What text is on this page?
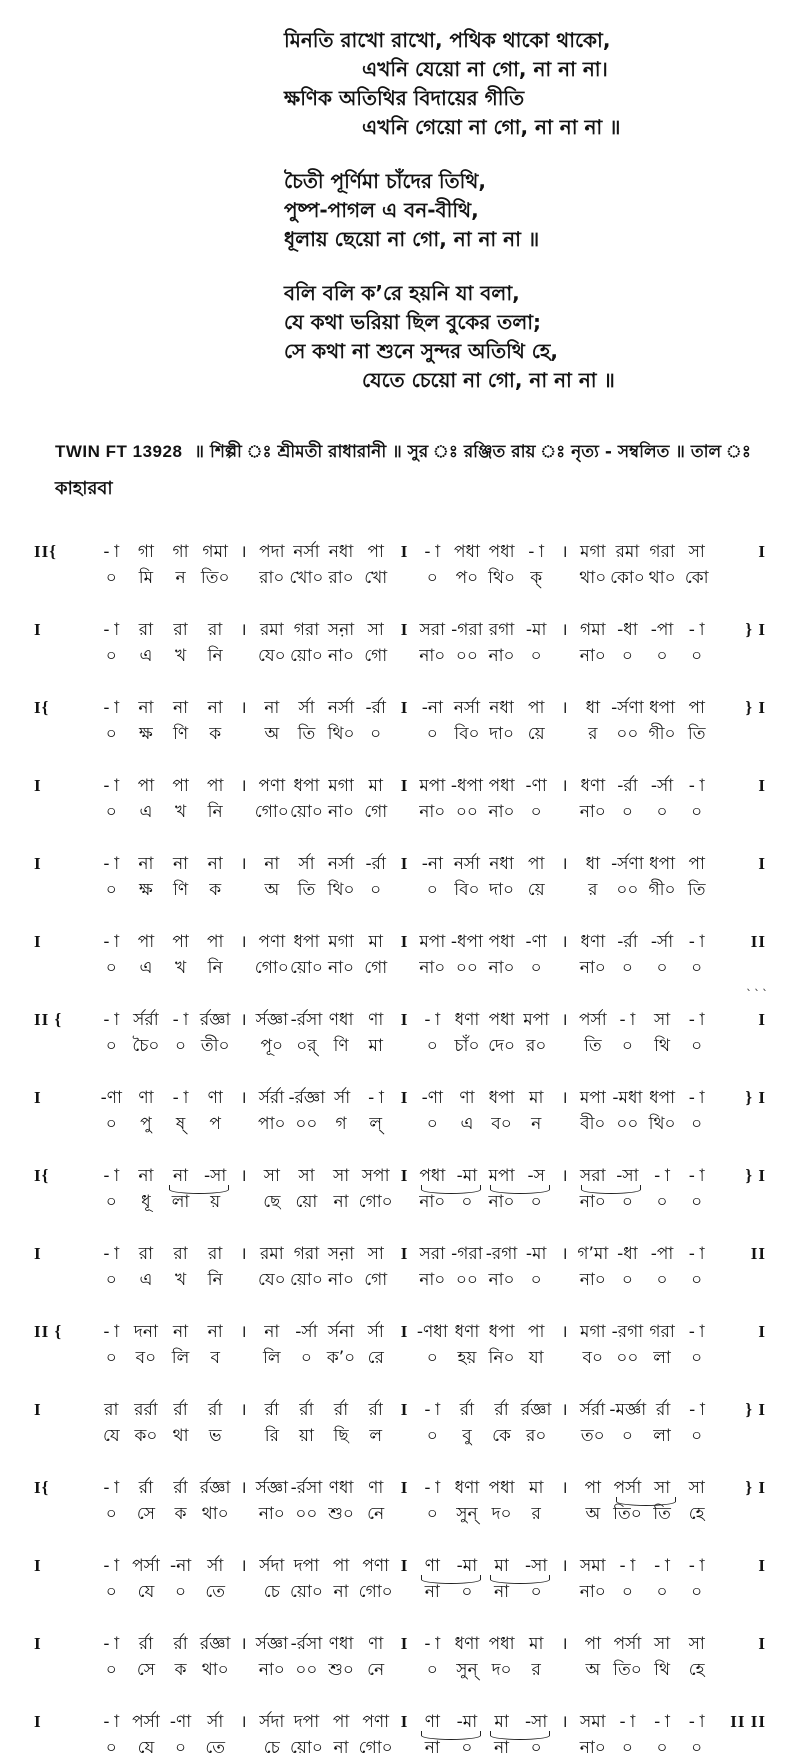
মিনতি রাখো রাখো, পথিক থাকো থাকো,
এখনি যেয়ো না গো, না না না।
ক্ষণিক অতিথির বিদায়ের গীতি
এখনি গেয়ো না গো, না না না ॥
চৈতী পূর্ণিমা চাঁদের তিথি,
পুষ্প-পাগল এ বন-বীথি,
ধূলায় ছেয়ো না গো, না না না ॥
বলি বলি ক’রে হয়নি যা বলা,
যে কথা ভরিয়া ছিল বুকের তলা;
সে কথা না শুনে সুন্দর অতিথি হে,
যেতে চেয়ো না গো, না না না ॥
TWIN FT 13928 ॥ শিল্পী ঃ শ্রীমতী রাধারানী ॥ সুর ঃ রঞ্জিত রায় ঃ নৃত্য - সম্বলিত ॥ তাল ঃ
কাহারবা
II{	- া	গা	গা গমা । পদা নর্সা নধা পা I	- া পধা পধা - া	। মগা রমা গরা সা	I
০	মি	ন তি০ রা০ খো০ রা০ খো	০	প০ থি০ ক্	থা০ কো০ থা০ কো
I	- া	রা	রা	রা	। রমা গরা সন়া সা I সরা -গরা রগা -মা । গমা -ধা -পা - া	} I
০	এ	খ	নি	যে০ য়ো০ না০ গো	না০ ০০ না০ ০	না০ ০	০	০
I{	- া	না	না	না	।	না	র্সা নর্সা -র্রা I -না নর্সা নধা পা ।	ধা -র্সণা ধপা পা	} I
০	ক্ষ	ণি	ক	অ	তি থি০ ০	০ বি০ দা০ য়ে	র	০০ গী০ তি
I	- া	পা	পা	পা । পণা ধপা মগা মা	I মপা -ধপা পধা -ণা । ধণা -র্রা -র্সা - া	I
০	এ	খ	নি	গো০ য়ো০ না০ গো	না০ ০০ না০ ০	না০ ০	০	০
I	- া	না	না	না	।	না	র্সা নর্সা -র্রা I -না নর্সা নধা পা ।	ধা -র্সণা ধপা পা	I
০	ক্ষ	ণি	ক	অ	তি থি০ ০	০ বি০ দা০ য়ে	র	০০ গী০ তি
I	- া	পা	পা	পা । পণা ধপা মগা মা	I মপা -ধপা পধা -ণা । ধণা -র্রা -র্সা - া	II
০	এ	খ	নি	গো০ য়ো০ না০ গো	না০ ০০ না০ ০	না০ ০	০	০
ˎˎˎ
II {	- া র্সর্রা - া র্রজ্ঞা । র্সজ্ঞা -র্রসা ণধা ণা	I	- া ধণা পধা মপা । পর্সা - া	সা	- া	I
০ চৈ০ ০ তী০	পূ০ ০র্ ণি	মা	০ চাঁ০ দে০ র০	তি	০	থি	০
I	-ণা ণা	- া	ণা	। র্সর্রা -র্রজ্ঞা র্সা	- া I -ণা ণা ধপা মা	। মপা -মধা ধপা - া	} I
০	পু	ষ্	প	পা০ ০০	গ	ল্	০	এ	ব০	ন	বী০ ০০ থি০ ০
I{	- া	না	না -সা ।	সা	সা	সা সপা I পধা -মা মপা -স । সরা -সা - া	- া	} I
০	ধূ	লা	য়	ছে য়ো না গো০ না০ ০ না০ ০	না০ ০	০	০
I	- া	রা	রা	রা	। রমা গরা সন়া সা I সরা -গরা -রগা -মা । গ’মা -ধা -পা - া	II
০	এ	খ	নি	যে০ য়ো০ না০ গো	না০ ০০ না০ ০	না০ ০	০	০
II {	- া দনা না	না	।	না -র্সা র্সনা র্সা I -ণধা ধণা ধপা পা । মগা -রগা গরা - া	I
০	ব০ লি	ব	লি	০ ক’০ রে	০	হয় নি০ যা	ব০ ০০ লা	০
I	রা রর্রা র্রা	র্রা	।	র্রা	র্রা	র্রা	র্রা	I	- া	র্রা	র্রা র্রজ্ঞা । র্সর্রা -মর্জ্ঞা র্রা	- া	} I
যে ক০ থা	ভ	রি	য়া	ছি	ল	০	বু	কে র০	ত০	০	লা	০
I{	- া	র্রা	র্রা র্রজ্ঞা । র্সজ্ঞা -র্রসা ণধা ণা	I	- া ধণা পধা মা	। পা পর্সা সা	সা	} I
০	সে	ক থা০ না০ ০০ শু০ নে	০	সুন্ দ০	র	অ তি০ তি	হে
I	- া পর্সা -না র্সা	। র্সদা দপা পা পণা I	ণা -মা	মা -সা । সমা - া	- া	- া	I
০	যে	০	তে	চে য়ো০ না গো০	না	০	না	০	না০ ০	০	০
I	- া	র্রা	র্রা র্রজ্ঞা । র্সজ্ঞা -র্রসা ণধা ণা	I	- া ধণা পধা মা	। পা পর্সা সা	সা	I
০	সে	ক থা০ না০ ০০ শু০ নে	০	সুন্ দ০	র	অ তি০ থি	হে
I	- া পর্সা -ণা র্সা	। র্সদা দপা পা পণা I	ণা -মা	মা -সা । সমা - া	- া	- া	II II
০	যে	০	তে	চে য়ো০ না গো০	না	০	না	০	না০ ০	০	০
